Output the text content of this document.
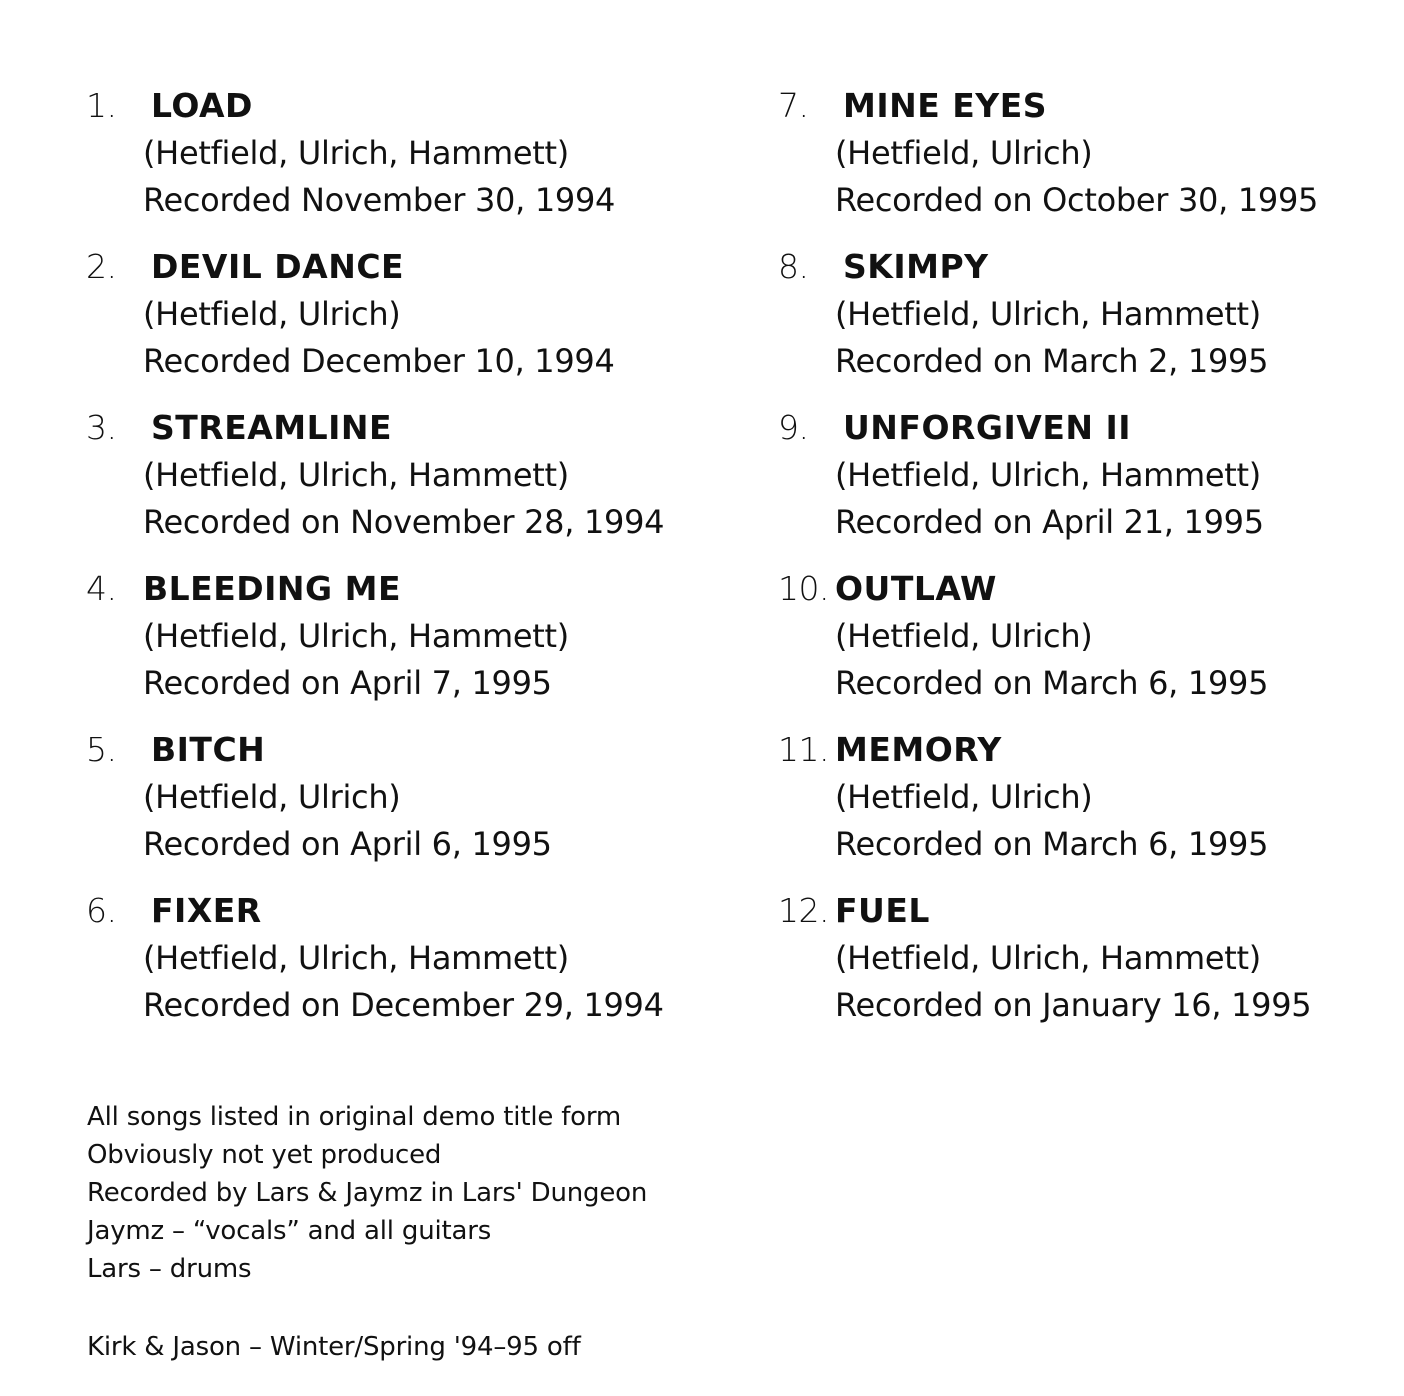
1. LOAD
(Hetfield, Ulrich, Hammett)
Recorded November 30, 1994
2. DEVIL DANCE
(Hetfield, Ulrich)
Recorded December 10, 1994
3. STREAMLINE
(Hetfield, Ulrich, Hammett)
Recorded on November 28, 1994
4. BLEEDING ME
(Hetfield, Ulrich, Hammett)
Recorded on April 7, 1995
5. BITCH
(Hetfield, Ulrich)
Recorded on April 6, 1995
6. FIXER
(Hetfield, Ulrich, Hammett)
Recorded on December 29, 1994
7. MINE EYES
(Hetfield, Ulrich)
Recorded on October 30, 1995
8. SKIMPY
(Hetfield, Ulrich, Hammett)
Recorded on March 2, 1995
9. UNFORGIVEN II
(Hetfield, Ulrich, Hammett)
Recorded on April 21, 1995
10. OUTLAW
(Hetfield, Ulrich)
Recorded on March 6, 1995
11. MEMORY
(Hetfield, Ulrich)
Recorded on March 6, 1995
12. FUEL
(Hetfield, Ulrich, Hammett)
Recorded on January 16, 1995
All songs listed in original demo title form
Obviously not yet produced
Recorded by Lars & Jaymz in Lars' Dungeon
Jaymz – “vocals” and all guitars
Lars – drums
Kirk & Jason – Winter/Spring '94–95 off
